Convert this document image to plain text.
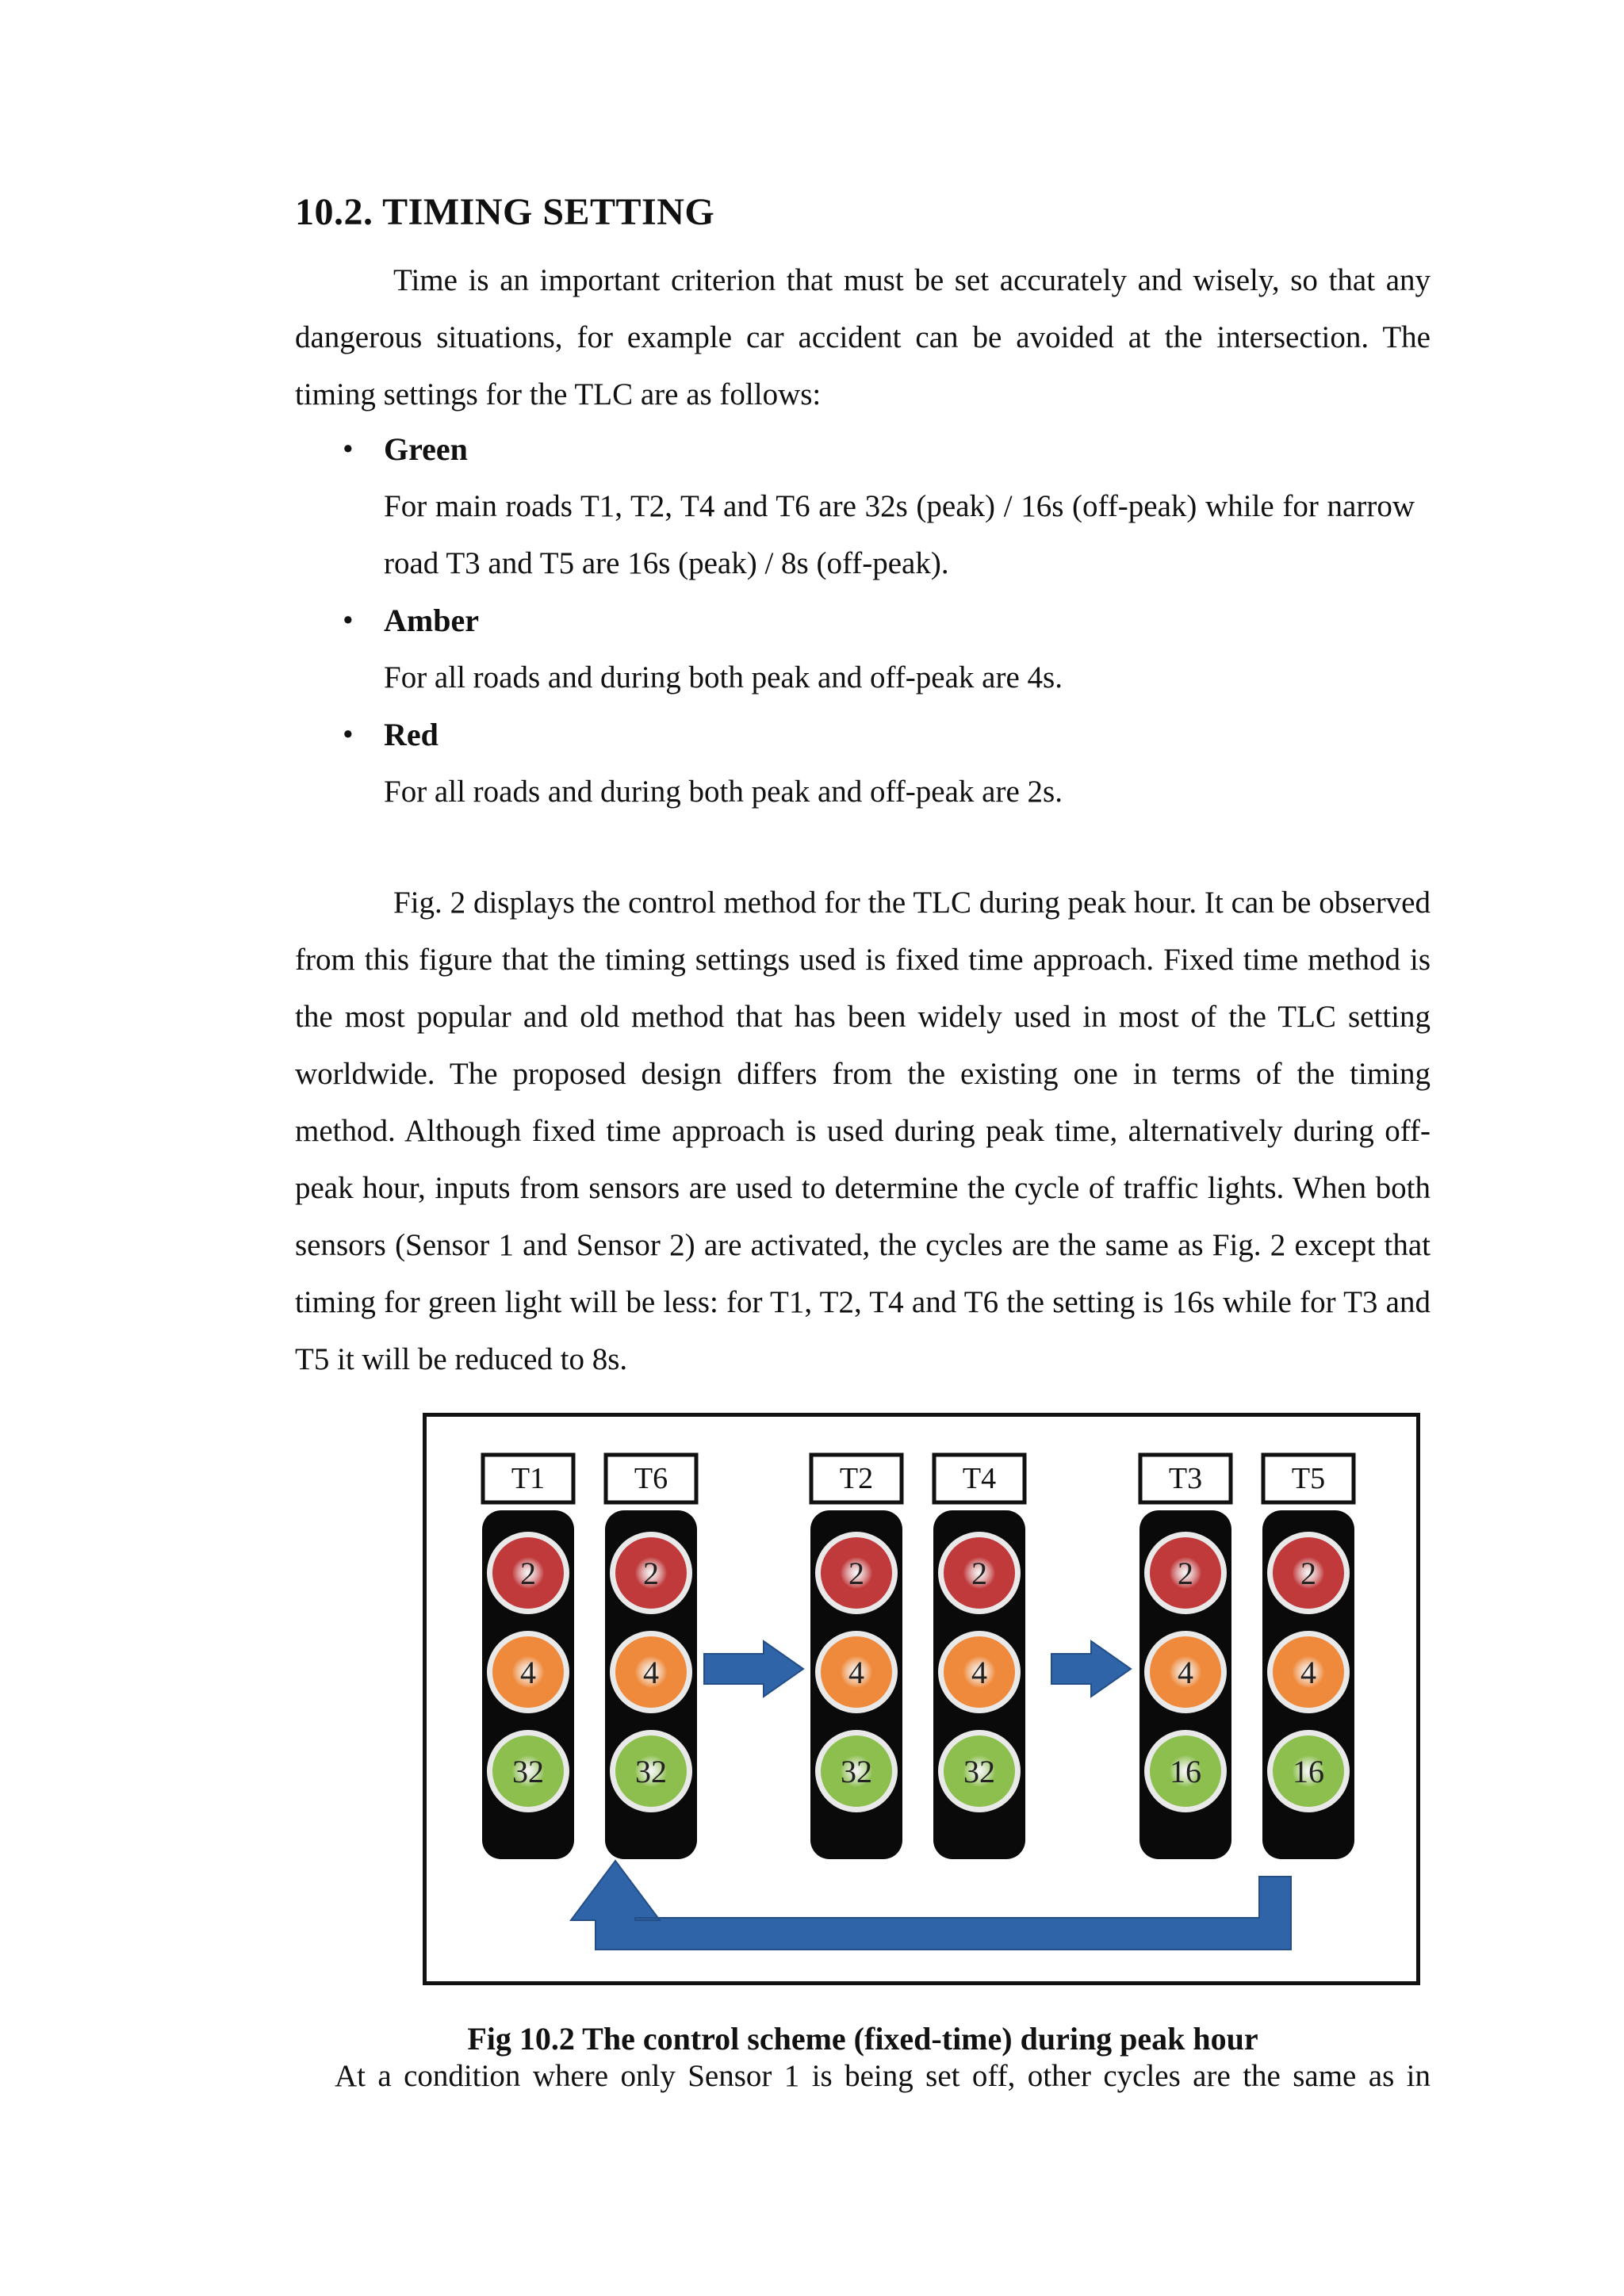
10.2. TIMING SETTING
Time is an important criterion that must be set accurately and wisely, so that any dangerous situations, for example car accident can be avoided at the intersection. The timing settings for the TLC are as follows:
• Green
For main roads T1, T2, T4 and T6 are 32s (peak) / 16s (off-peak) while for narrow road T3 and T5 are 16s (peak) / 8s (off-peak).
• Amber
For all roads and during both peak and off-peak are 4s.
• Red
For all roads and during both peak and off-peak are 2s.
Fig. 2 displays the control method for the TLC during peak hour. It can be observed from this figure that the timing settings used is fixed time approach. Fixed time method is the most popular and old method that has been widely used in most of the TLC setting worldwide. The proposed design differs from the existing one in terms of the timing method. Although fixed time approach is used during peak time, alternatively during off-peak hour, inputs from sensors are used to determine the cycle of traffic lights. When both sensors (Sensor 1 and Sensor 2) are activated, the cycles are the same as Fig. 2 except that timing for green light will be less: for T1, T2, T4 and T6 the setting is 16s while for T3 and T5 it will be reduced to 8s.
T1
2
4
32
T6
2
4
32
T2
2
4
32
T4
2
4
32
T3
2
4
16
T5
2
4
16
Fig 10.2 The control scheme (fixed-time) during peak hour
At a condition where only Sensor 1 is being set off, other cycles are the same as in
